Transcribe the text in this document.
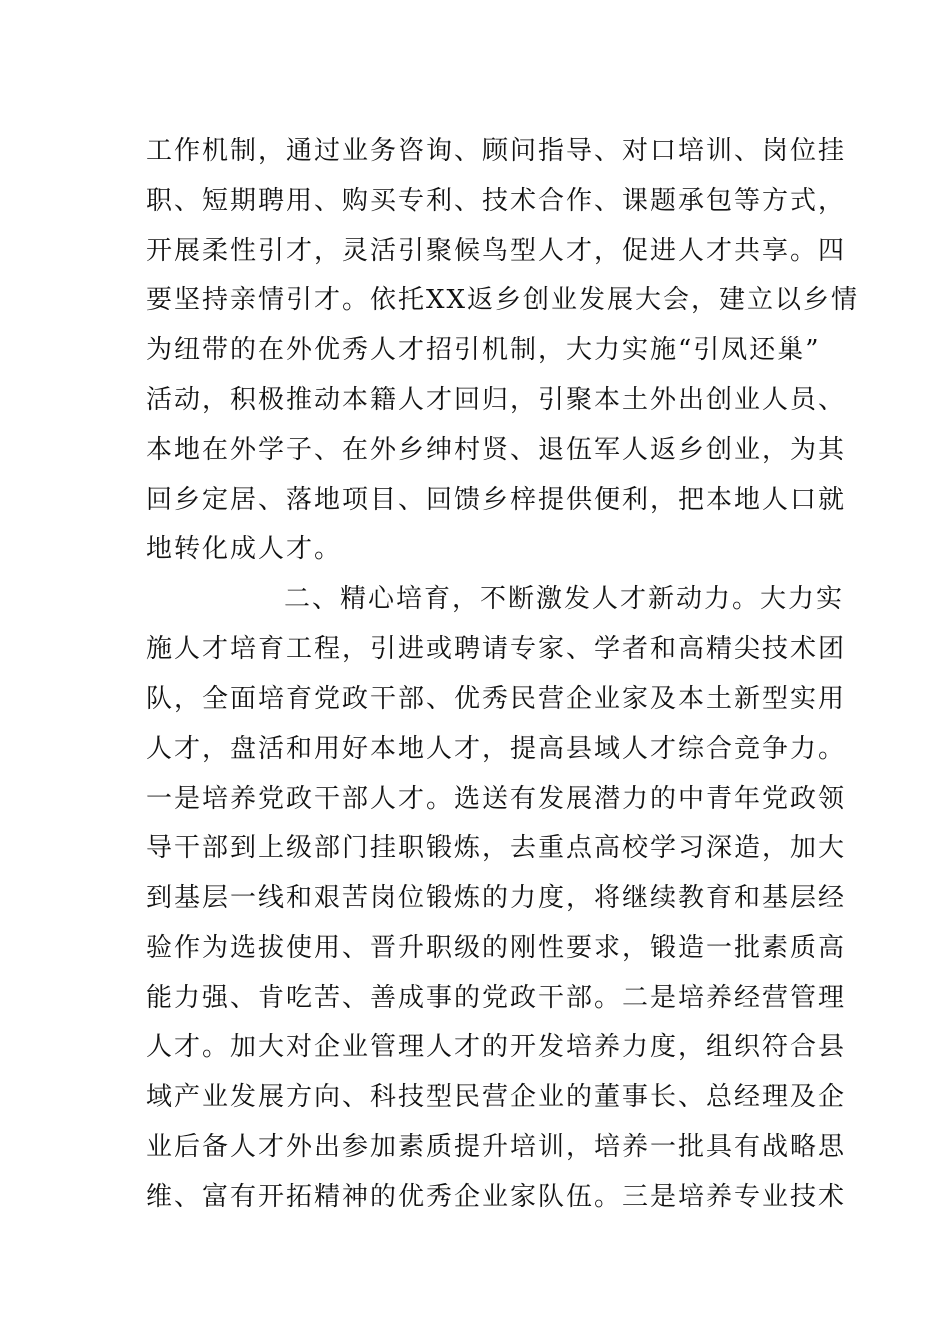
工作机制，通过业务咨询、顾问指导、对口培训、岗位挂
职、短期聘用、购买专利、技术合作、课题承包等方式，
开展柔性引才，灵活引聚候鸟型人才，促进人才共享。四
要坚持亲情引才。依托XX返乡创业发展大会，建立以乡情
为纽带的在外优秀人才招引机制，大力实施“引凤还巢”
活动，积极推动本籍人才回归，引聚本土外出创业人员、
本地在外学子、在外乡绅村贤、退伍军人返乡创业，为其
回乡定居、落地项目、回馈乡梓提供便利，把本地人口就
地转化成人才。
二、精心培育，不断激发人才新动力。大力实
施人才培育工程，引进或聘请专家、学者和高精尖技术团
队，全面培育党政干部、优秀民营企业家及本土新型实用
人才，盘活和用好本地人才，提高县域人才综合竞争力。
一是培养党政干部人才。选送有发展潜力的中青年党政领
导干部到上级部门挂职锻炼，去重点高校学习深造，加大
到基层一线和艰苦岗位锻炼的力度，将继续教育和基层经
验作为选拔使用、晋升职级的刚性要求，锻造一批素质高
能力强、肯吃苦、善成事的党政干部。二是培养经营管理
人才。加大对企业管理人才的开发培养力度，组织符合县
域产业发展方向、科技型民营企业的董事长、总经理及企
业后备人才外出参加素质提升培训，培养一批具有战略思
维、富有开拓精神的优秀企业家队伍。三是培养专业技术
